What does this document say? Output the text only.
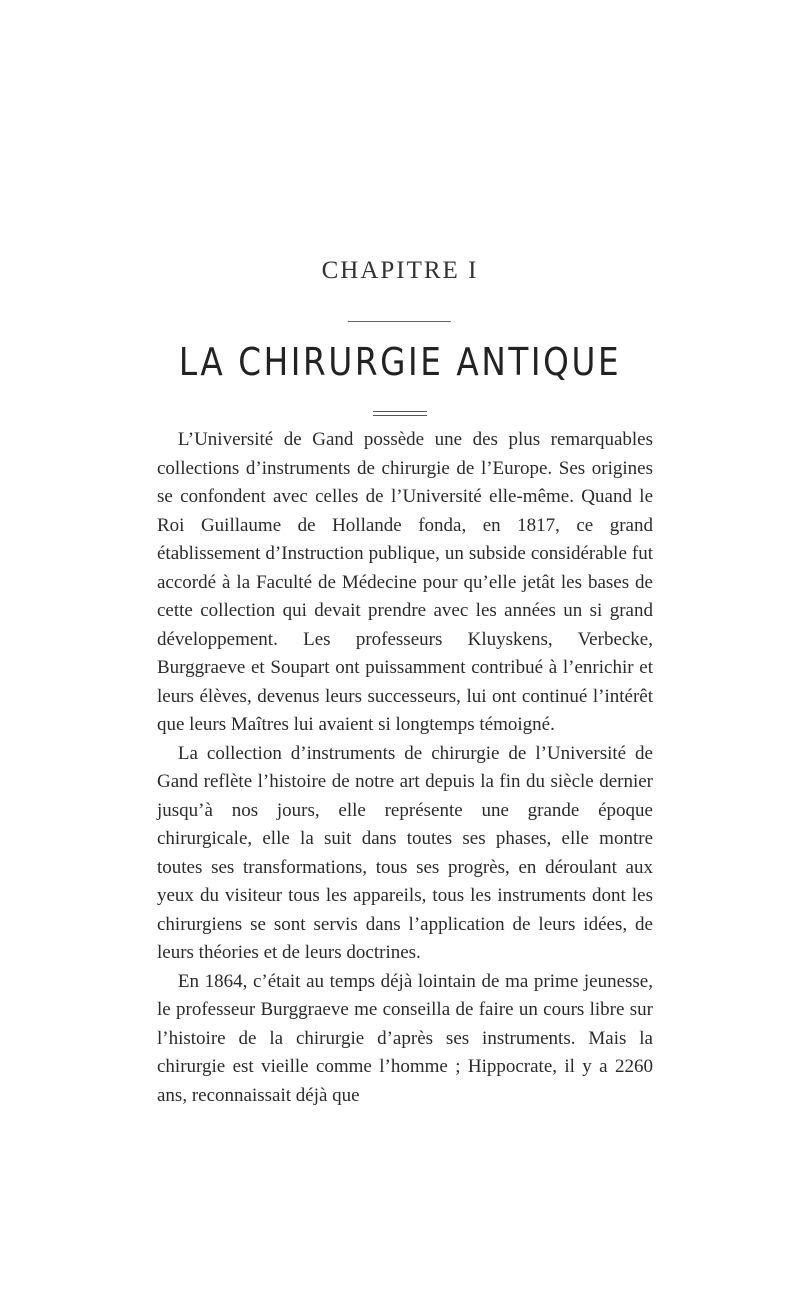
CHAPITRE I
LA CHIRURGIE ANTIQUE

L’Université de Gand possède une des plus remarquables collections d’instruments de chirurgie de l’Europe. Ses origines se confondent avec celles de l’Université elle-même. Quand le Roi Guillaume de Hollande fonda, en 1817, ce grand établissement d’Instruction publique, un subside considérable fut accordé à la Faculté de Médecine pour qu’elle jetât les bases de cette collection qui devait prendre avec les années un si grand développement. Les professeurs Kluyskens, Verbecke, Burggraeve et Soupart ont puissamment contribué à l’enrichir et leurs élèves, devenus leurs successeurs, lui ont continué l’intérêt que leurs Maîtres lui avaient si longtemps témoigné.

La collection d’instruments de chirurgie de l’Université de Gand reflète l’histoire de notre art depuis la fin du siècle dernier jusqu’à nos jours, elle représente une grande époque chirurgicale, elle la suit dans toutes ses phases, elle montre toutes ses transformations, tous ses progrès, en déroulant aux yeux du visiteur tous les appareils, tous les instruments dont les chirurgiens se sont servis dans l’application de leurs idées, de leurs théories et de leurs doctrines.

En 1864, c’était au temps déjà lointain de ma prime jeunesse, le professeur Burggraeve me conseilla de faire un cours libre sur l’histoire de la chirurgie d’après ses instruments. Mais la chirurgie est vieille comme l’homme ; Hippocrate, il y a 2260 ans, reconnaissait déjà que
